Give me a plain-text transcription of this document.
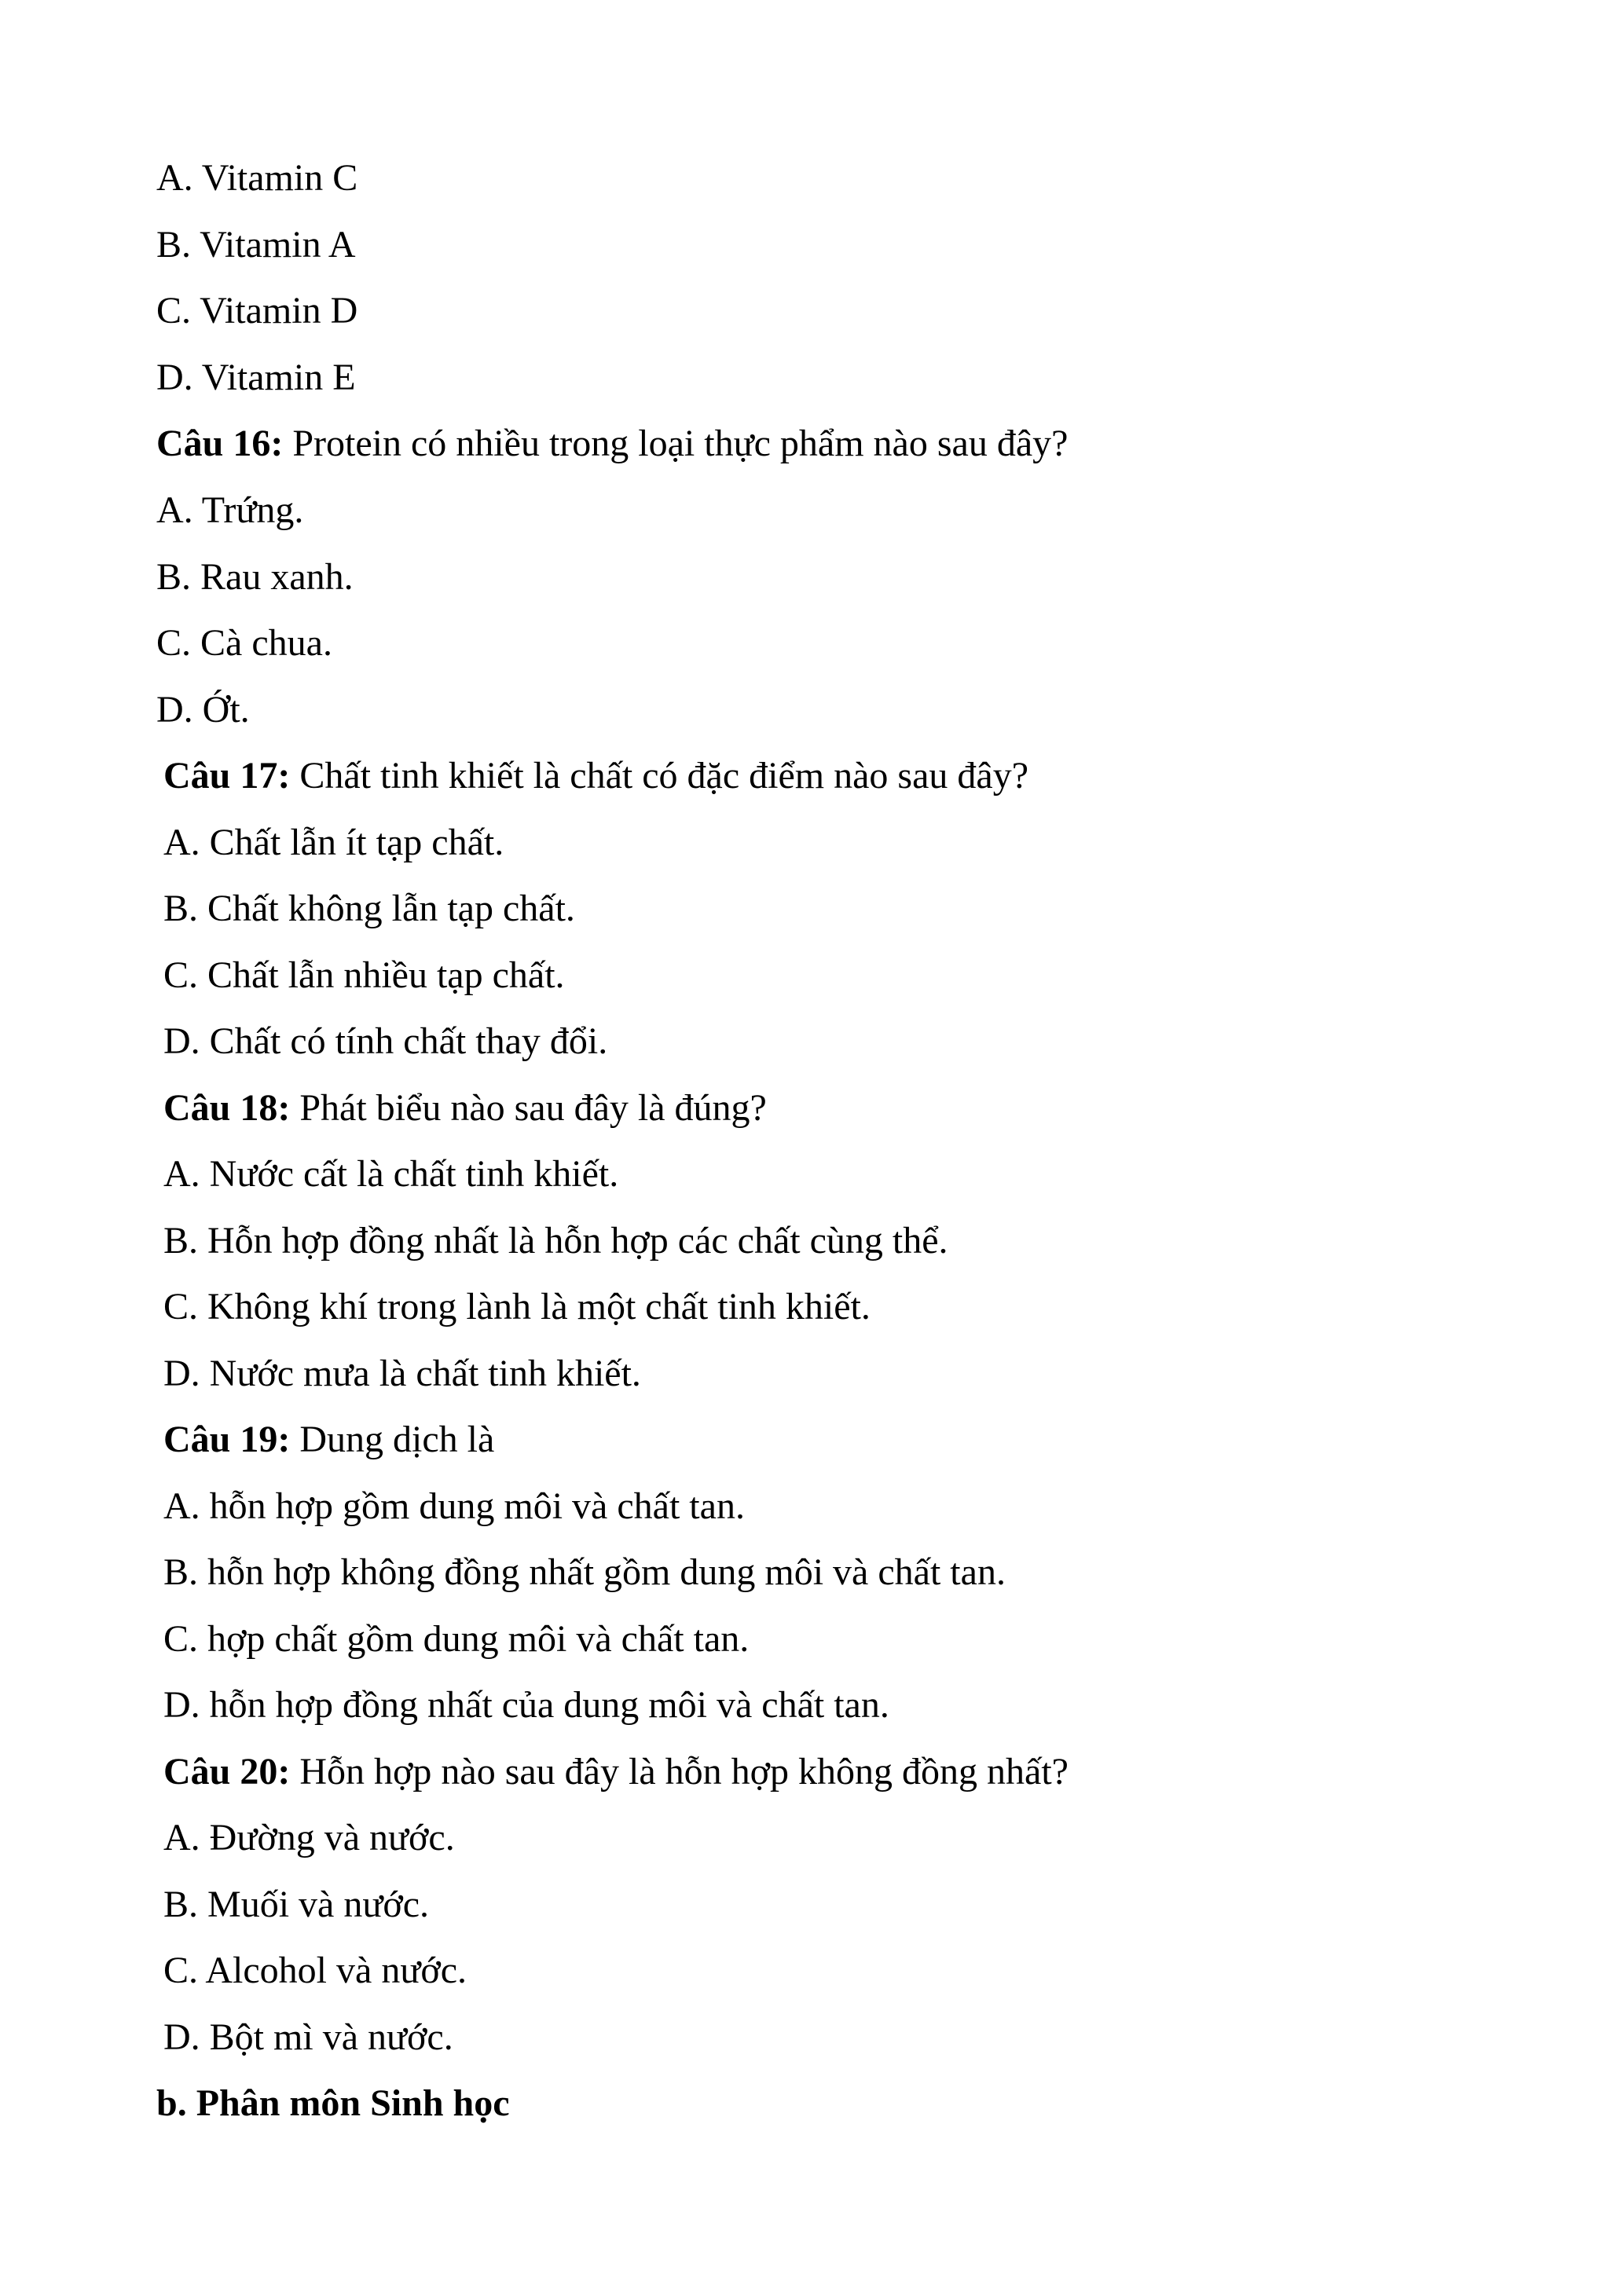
A. Vitamin C
B. Vitamin A
C. Vitamin D
D. Vitamin E
Câu 16: Protein có nhiều trong loại thực phẩm nào sau đây?
A. Trứng.
B. Rau xanh.
C. Cà chua.
D. Ớt.
Câu 17: Chất tinh khiết là chất có đặc điểm nào sau đây?
A. Chất lẫn ít tạp chất.
B. Chất không lẫn tạp chất.
C. Chất lẫn nhiều tạp chất.
D. Chất có tính chất thay đổi.
Câu 18: Phát biểu nào sau đây là đúng?
A. Nước cất là chất tinh khiết.
B. Hỗn hợp đồng nhất là hỗn hợp các chất cùng thể.
C. Không khí trong lành là một chất tinh khiết.
D. Nước mưa là chất tinh khiết.
Câu 19: Dung dịch là
A. hỗn hợp gồm dung môi và chất tan.
B. hỗn hợp không đồng nhất gồm dung môi và chất tan.
C. hợp chất gồm dung môi và chất tan.
D. hỗn hợp đồng nhất của dung môi và chất tan.
Câu 20: Hỗn hợp nào sau đây là hỗn hợp không đồng nhất?
A. Đường và nước.
B. Muối và nước.
C. Alcohol và nước.
D. Bột mì và nước.
b. Phân môn Sinh học
